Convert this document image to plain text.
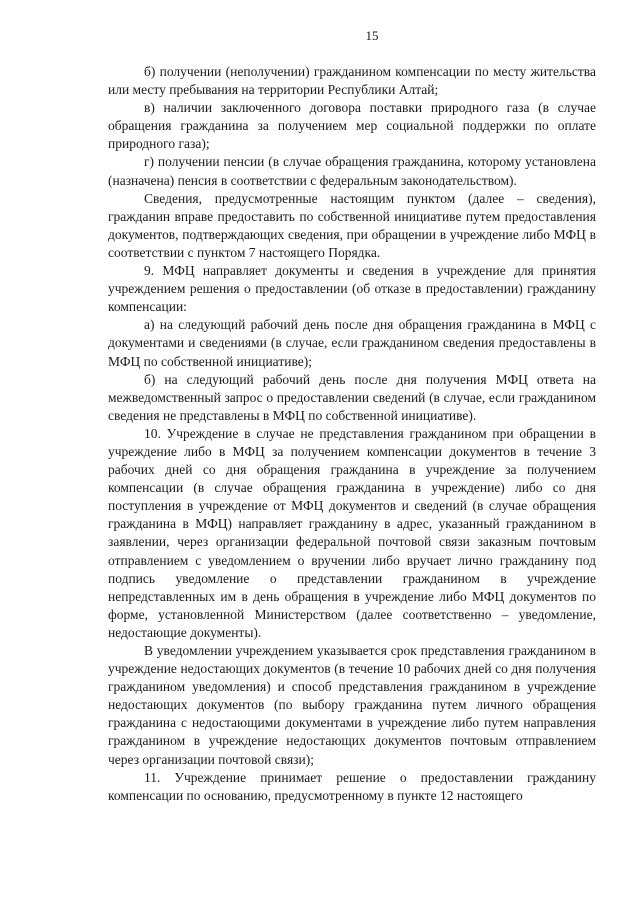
15

б) получении (неполучении) гражданином компенсации по месту жительства или месту пребывания на территории Республики Алтай;

в) наличии заключенного договора поставки природного газа (в случае обращения гражданина за получением мер социальной поддержки по оплате природного газа);

г) получении пенсии (в случае обращения гражданина, которому установлена (назначена) пенсия в соответствии с федеральным законодательством).

Сведения, предусмотренные настоящим пунктом (далее – сведения), гражданин вправе предоставить по собственной инициативе путем предоставления документов, подтверждающих сведения, при обращении в учреждение либо МФЦ в соответствии с пунктом 7 настоящего Порядка.

9. МФЦ направляет документы и сведения в учреждение для принятия учреждением решения о предоставлении (об отказе в предоставлении) гражданину компенсации:

а) на следующий рабочий день после дня обращения гражданина в МФЦ с документами и сведениями (в случае, если гражданином сведения предоставлены в МФЦ по собственной инициативе);

б) на следующий рабочий день после дня получения МФЦ ответа на межведомственный запрос о предоставлении сведений (в случае, если гражданином сведения не представлены в МФЦ по собственной инициативе).

10. Учреждение в случае не представления гражданином при обращении в учреждение либо в МФЦ за получением компенсации документов в течение 3 рабочих дней со дня обращения гражданина в учреждение за получением компенсации (в случае обращения гражданина в учреждение) либо со дня поступления в учреждение от МФЦ документов и сведений (в случае обращения гражданина в МФЦ) направляет гражданину в адрес, указанный гражданином в заявлении, через организации федеральной почтовой связи заказным почтовым отправлением с уведомлением о вручении либо вручает лично гражданину под подпись уведомление о представлении гражданином в учреждение непредставленных им в день обращения в учреждение либо МФЦ документов по форме, установленной Министерством (далее соответственно – уведомление, недостающие документы).

В уведомлении учреждением указывается срок представления гражданином в учреждение недостающих документов (в течение 10 рабочих дней со дня получения гражданином уведомления) и способ представления гражданином в учреждение недостающих документов (по выбору гражданина путем личного обращения гражданина с недостающими документами в учреждение либо путем направления гражданином в учреждение недостающих документов почтовым отправлением через организации почтовой связи);

11. Учреждение принимает решение о предоставлении гражданину компенсации по основанию, предусмотренному в пункте 12 настоящего
